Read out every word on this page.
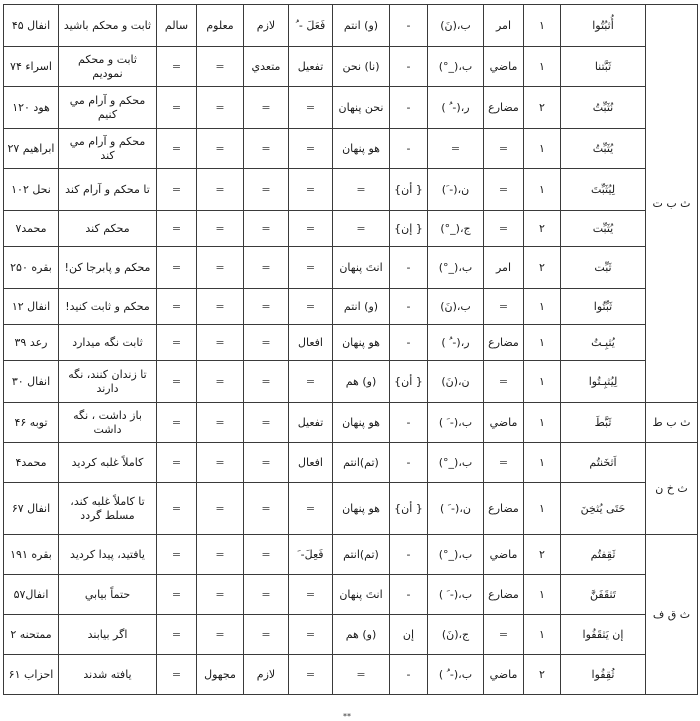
انفال ۴۵	ثابت و محکم باشيد	سالم	معلوم	لازم	فَعَلَ - ُ	(و) انتم	-	ب،(نَ)	امر	١	أُثبُتُوا	ث ب ت
اسراء ۷۴	ثابت و محکم نموديم	=	=	متعدي	تفعيل	(نا) نحن	-	ب،(_°)	ماضي	١	ثَبَّتنا	
هود ۱۲۰	محکم و آرام مي کنيم	=	=	=	=	نحن پنهان	-	ر،(- ُ )	مضارع	٢	نُثَبِّتُ	
ابراهيم ۲۷	محکم و آرام مي کند	=	=	=	=	هو پنهان	-	=	=	١	يُثَبِّتُ	
نحل ۱۰۲	تا محکم و آرام کند	=	=	=	=	=	{ أن}	ن،(- َ)	=	١	لِيُثَبِّتَ	
محمد۷	محکم کند	=	=	=	=	=	{ إن}	ج،(_°)	=	٢	يُثَبِّت	
بقره ۲۵۰	محکم و پابرجا کن!	=	=	=	=	انتَ پنهان	-	ب،(_°)	امر	٢	ثَبِّت	
انفال ۱۲	محکم و ثابت کنيد!	=	=	=	=	(و) انتم	-	ب،(نَ)	=	١	ثَبِّتُوا	
رعد ۳۹	ثابت نگه ميدارد	=	=	=	افعال	هو پنهان	-	ر،(- ُ )	مضارع	١	يُثبِـتُ	
انفال ۳۰	تا زندان کنند، نگه دارند	=	=	=	=	(و) هم	{ أن}	ن،(نَ)	=	١	لِيُثبِـتُوا	
توبه ۴۶	باز داشت ، نگه داشت	=	=	=	تفعيل	هو پنهان	-	ب،(- َ )	ماضي	١	ثَبَّطَ	ث ب ط
محمد۴	کاملاً غلبه کرديد	=	=	=	افعال	(تم)انتم	-	ب،(_°)	=	١	اَثخَنتُم	ث خ ن
انفال ۶۷	تا کاملاً غلبه کند، مسلط گردد	=	=	=	=	هو پنهان	{ أن}	ن،(- َ )	مضارع	١	حَتَى يُثخِنَ	
بقره ۱۹۱	يافتيد، پيدا کرديد	=	=	=	فَعِلَ- َ	(تم)انتم	-	ب،(_°)	ماضي	٢	ثَقِفتُم	ث ق ف
انفال۵۷	حتماً بيابي	=	=	=	=	انتَ پنهان	-	ب،(- َ )	مضارع	١	تَثقَفَنَّ	
ممتحنه ۲	اگر بيابند	=	=	=	=	(و) هم	إن	ج،(نَ)	=	١	إن يَثقَفُوا	
احزاب ۶۱	يافته شدند	=	مجهول	لازم	=	=	-	ب،(- ُ )	ماضي	٢	ثُقِفُوا	
**
